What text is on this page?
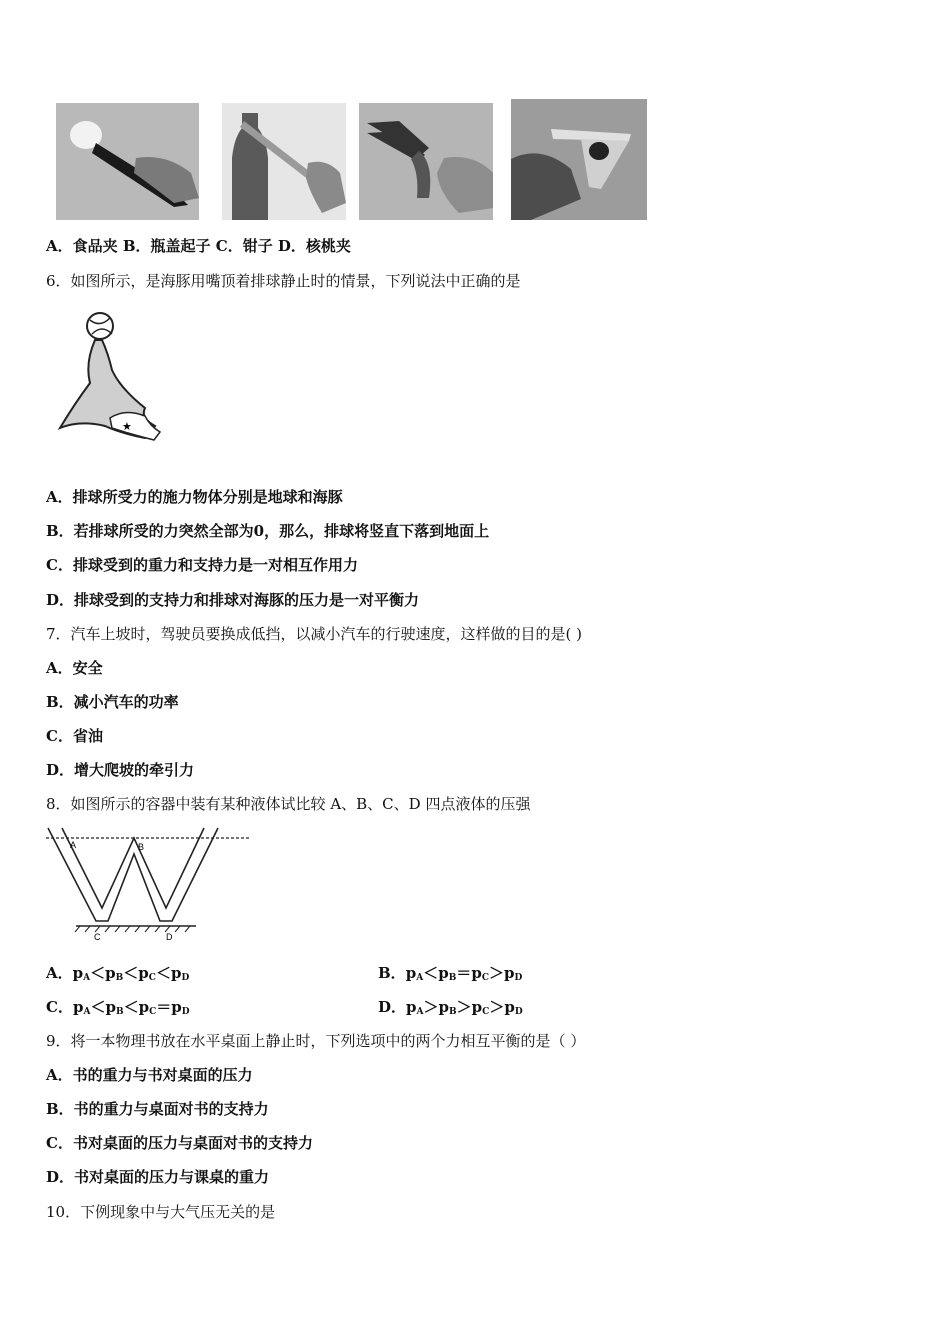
A．食品夹 B．瓶盖起子 C．钳子 D．核桃夹
6．如图所示，是海豚用嘴顶着排球静止时的情景，下列说法中正确的是
★
A．排球所受力的施力物体分别是地球和海豚
B．若排球所受的力突然全部为0，那么，排球将竖直下落到地面上
C．排球受到的重力和支持力是一对相互作用力
D．排球受到的支持力和排球对海豚的压力是一对平衡力
7．汽车上坡时，驾驶员要换成低挡，以减小汽车的行驶速度，这样做的目的是( )
A．安全
B．减小汽车的功率
C．省油
D．增大爬坡的牵引力
8．如图所示的容器中装有某种液体试比较 A、B、C、D 四点液体的压强
A	B
C	D
A．$p_A<p_B<p_C<p_D$	B．$p_A<p_B=p_C>p_D$
C．$p_A<p_B<p_C=p_D$	D．$p_A>p_B>p_C>p_D$
9．将一本物理书放在水平桌面上静止时，下列选项中的两个力相互平衡的是（ ）
A．书的重力与书对桌面的压力
B．书的重力与桌面对书的支持力
C．书对桌面的压力与桌面对书的支持力
D．书对桌面的压力与课桌的重力
10．下例现象中与大气压无关的是
